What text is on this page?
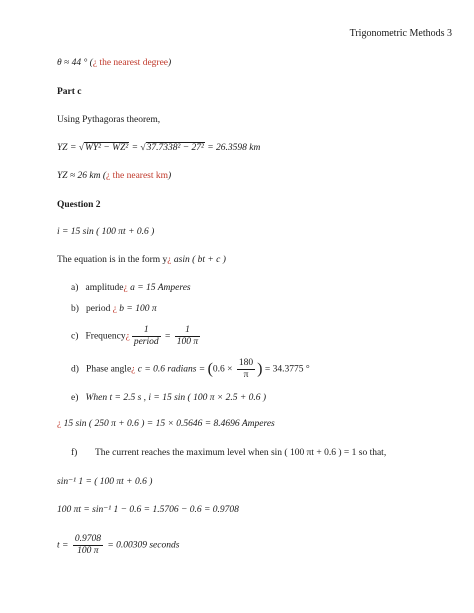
Trigonometric Methods 3
θ ≈ 44 ° (¿ the nearest degree)
Part c
Using Pythagoras theorem,
YZ = √WY² − WZ² = √37.7338² − 27² = 26.3598 km
YZ ≈ 26 km (¿ the nearest km)
Question 2
i = 15 sin ( 100 πt + 0.6 )
The equation is in the form y¿ asin ( bt + c )
a) amplitude¿ a = 15 Amperes
b) period ¿ b = 100 π
c) Frequency¿ $\frac{1}{\text{period}} = \frac{1}{100 \pi}$
d) Phase angle¿ c = 0.6 radians = ($0.6 \times \frac{180}{\pi}$ ) = 34.3775 °
e) When t = 2.5 s , i = 15 sin ( 100 π × 2.5 + 0.6 )
¿ 15 sin ( 250 π + 0.6 ) = 15 × 0.5646 = 8.4696 Amperes
f) The current reaches the maximum level when sin ( 100 πt + 0.6 ) = 1 so that,
sin⁻¹ 1 = ( 100 πt + 0.6 )
100 πt = sin⁻¹ 1 − 0.6 = 1.5706 − 0.6 = 0.9708
$t = \frac{0.9708}{100 \pi} = 0.00309$ seconds
